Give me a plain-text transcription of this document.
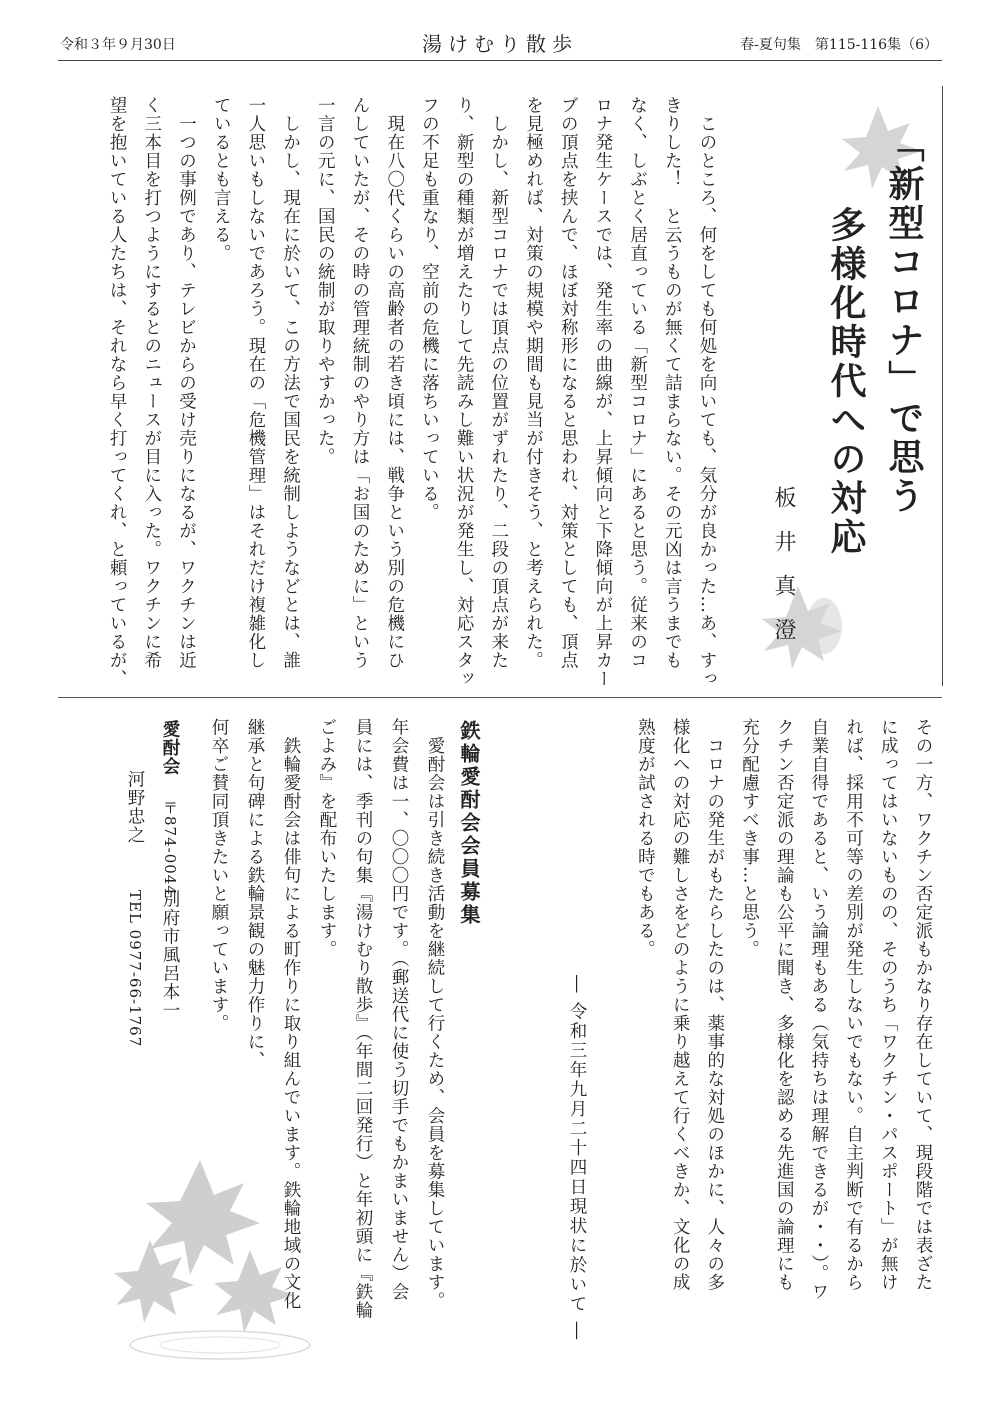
令和３年９月30日	湯けむり散歩	春-夏句集　第115-116集（6）
「新型コロナ」で思う
多様化時代への対応
板井真澄
　このところ、何をしても何処を向いても、気分が良かった…あ、すっ
きりした！　と云うものが無くて詰まらない。その元凶は言うまでも
なく、しぶとく居直っている「新型コロナ」にあると思う。従来のコ
ロナ発生ケースでは、発生率の曲線が、上昇傾向と下降傾向が上昇カー
ブの頂点を挟んで、ほぼ対称形になると思われ、対策としても、頂点
を見極めれば、対策の規模や期間も見当が付きそう、と考えられた。
　しかし、新型コロナでは頂点の位置がずれたり、二段の頂点が来た
り、新型の種類が増えたりして先読みし難い状況が発生し、対応スタッ
フの不足も重なり、空前の危機に落ちいっている。
　現在八〇代くらいの高齢者の若き頃には、戦争という別の危機にひ
んしていたが、その時の管理統制のやり方は「お国のために」という
一言の元に、国民の統制が取りやすかった。
　しかし、現在に於いて、この方法で国民を統制しようなどとは、誰
一人思いもしないであろう。現在の「危機管理」はそれだけ複雑化し
ているとも言える。
　一つの事例であり、テレビからの受け売りになるが、ワクチンは近
く三本目を打つようにするとのニュースが目に入った。ワクチンに希
望を抱いている人たちは、それなら早く打ってくれ、と頼っているが、
　愛酎会は引き続き活動を継続して行くため、会員を募集しています。
年会費は一、〇〇〇円です。（郵送代に使う切手でもかまいません）会
員には、季刊の句集『湯けむり散歩』（年間二回発行）と年初頭に『鉄輪
ごよみ』を配布いたします。
　鉄輪愛酎会は俳句による町作りに取り組んでいます。鉄輪地域の文化
継承と句碑による鉄輪景観の魅力作りに、
何卒ご賛同頂きたいと願っています。	鉄輪愛酎会会員募集
愛酎会
〒874-0044
別府市風呂本一
河野忠之
TEL 0977-66-1767	その一方、ワクチン否定派もかなり存在していて、現段階では表ざた
に成ってはいないものの、そのうち「ワクチン・パスポート」が無け
れば、採用不可等の差別が発生しないでもない。自主判断で有るから
自業自得であると、いう論理もある（気持ちは理解できるが・・）。ワ
クチン否定派の理論も公平に聞き、多様化を認める先進国の論理にも
充分配慮すべき事…と思う。
　コロナの発生がもたらしたのは、薬事的な対処のほかに、人々の多
様化への対応の難しさをどのように乗り越えて行くべきか、文化の成
熟度が試される時でもある。
― 令和三年九月二十四日現状に於いて ―
